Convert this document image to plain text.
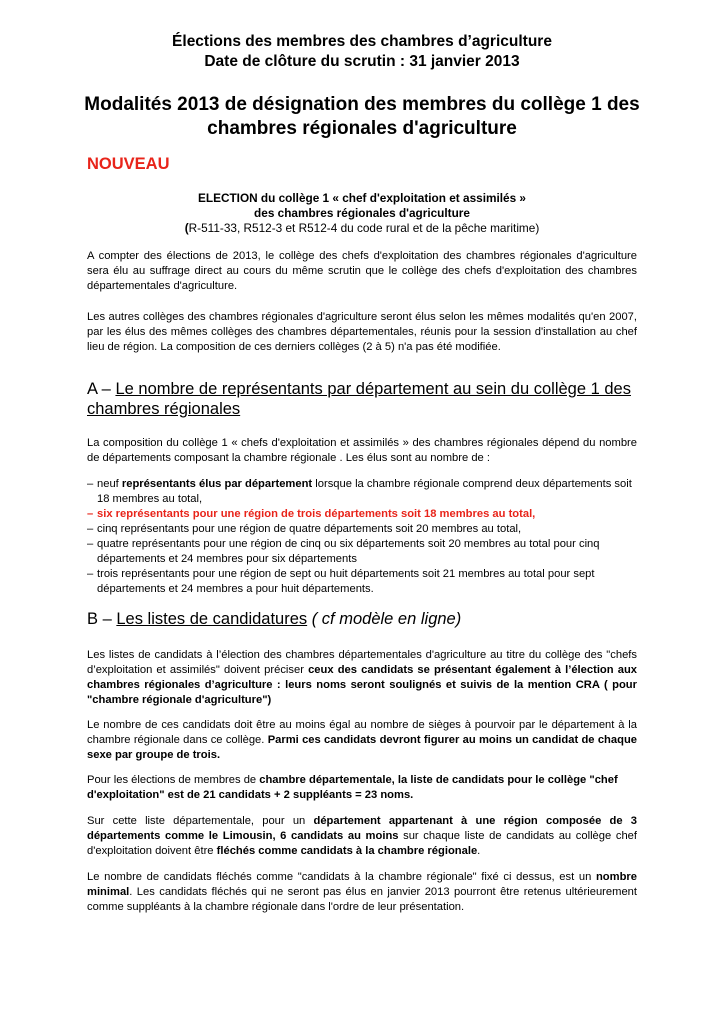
Élections des membres des chambres d’agriculture

Date de clôture du scrutin : 31 janvier 2013

Modalités 2013 de désignation des membres du collège 1 des chambres régionales d'agriculture

NOUVEAU

ELECTION du collège 1 « chef d'exploitation et assimilés »
des chambres régionales d'agriculture
(R-511-33, R512-3 et R512-4 du code rural et de la pêche maritime)

A compter des élections de 2013, le collège des chefs d'exploitation des chambres régionales d'agriculture sera élu au suffrage direct au cours du même scrutin que le collège des chefs d'exploitation des chambres départementales d'agriculture.

Les autres collèges des chambres régionales d'agriculture seront élus selon les mêmes modalités qu'en 2007, par les élus des mêmes collèges des chambres départementales, réunis pour la session d'installation au chef lieu de région. La composition de ces derniers collèges (2 à 5) n'a pas été modifiée.

A – Le nombre de représentants par département au sein du collège 1 des chambres régionales

La composition du collège 1 « chefs d'exploitation et assimilés » des chambres régionales dépend du nombre de départements composant la chambre régionale . Les élus sont au nombre de :

– neuf représentants élus par département lorsque la chambre régionale comprend deux départements soit 18 membres au total,
– six représentants pour une région de trois départements soit 18 membres au total,
– cinq représentants pour une région de quatre départements soit 20 membres au total,
– quatre représentants pour une région de cinq ou six départements soit 20 membres au total pour cinq départements et 24 membres pour six départements
– trois représentants pour une région de sept ou huit départements soit 21 membres au total pour sept départements et 24 membres a pour huit départements.
B – Les listes de candidatures ( cf modèle en ligne)

Les listes de candidats à l’élection des chambres départementales d'agriculture au titre du collège des "chefs d’exploitation et assimilés" doivent préciser ceux des candidats se présentant également à l’élection aux chambres régionales d’agriculture : leurs noms seront soulignés et suivis de la mention CRA ( pour "chambre régionale d'agriculture")

Le nombre de ces candidats doit être au moins égal au nombre de sièges à pourvoir par le département à la chambre régionale dans ce collège. Parmi ces candidats devront figurer au moins un candidat de chaque sexe par groupe de trois.

Pour les élections de membres de chambre départementale, la liste de candidats pour le collège "chef d'exploitation" est de 21 candidats + 2 suppléants = 23 noms.

Sur cette liste départementale, pour un département appartenant à une région composée de 3 départements comme le Limousin, 6 candidats au moins sur chaque liste de candidats au collège chef d'exploitation doivent être fléchés comme candidats à la chambre régionale.

Le nombre de candidats fléchés comme "candidats à la chambre régionale" fixé ci dessus, est un nombre minimal. Les candidats fléchés qui ne seront pas élus en janvier 2013 pourront être retenus ultérieurement comme suppléants à la chambre régionale dans l'ordre de leur présentation.
